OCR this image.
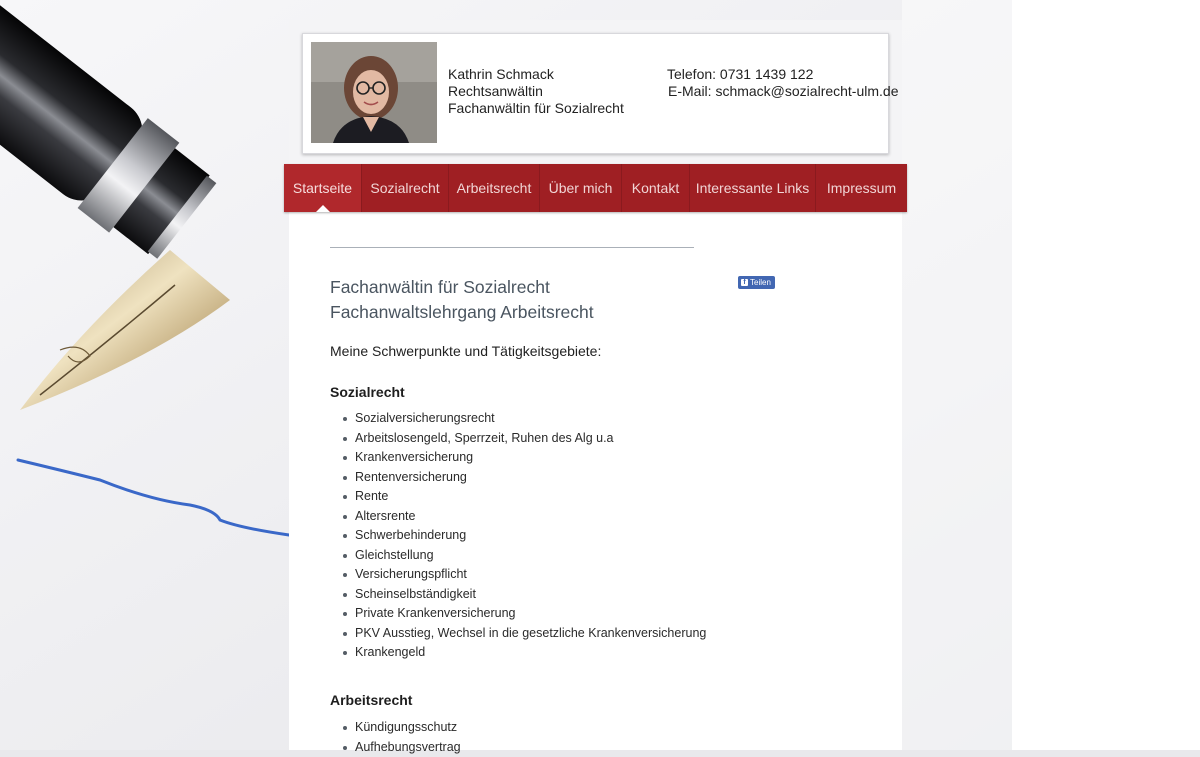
Kathrin Schmack
Rechtsanwältin
Fachanwältin für Sozialrecht
Telefon: 0731 1439 122
E-Mail: schmack@sozialrecht-ulm.de
Startseite	Sozialrecht	Arbeitsrecht	Über mich	Kontakt	Interessante Links	Impressum
Fachanwältin für Sozialrecht
Fachanwaltslehrgang Arbeitsrecht
f Teilen
Meine Schwerpunkte und Tätigkeitsgebiete:
Sozialrecht
Sozialversicherungsrecht
Arbeitslosengeld, Sperrzeit, Ruhen des Alg u.a
Krankenversicherung
Rentenversicherung
Rente
Altersrente
Schwerbehinderung
Gleichstellung
Versicherungspflicht
Scheinselbständigkeit
Private Krankenversicherung
PKV Ausstieg, Wechsel in die gesetzliche Krankenversicherung
Krankengeld
Arbeitsrecht
Kündigungsschutz
Aufhebungsvertrag
